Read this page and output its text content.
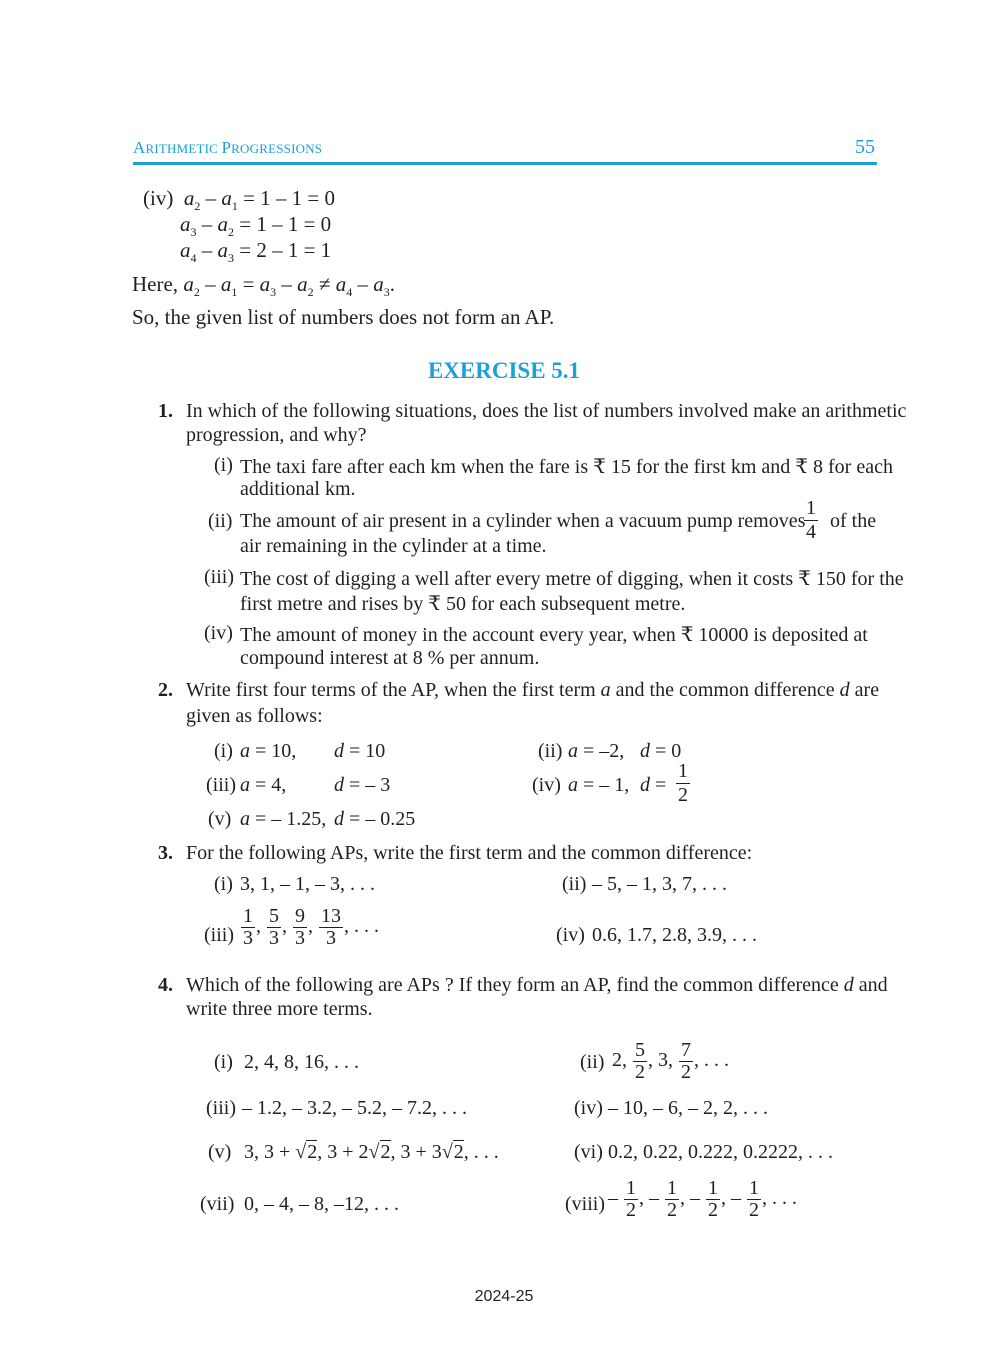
ARITHMETIC PROGRESSIONS	55
(iv) $a_2 - a_1 = 1 - 1 = 0$
$a_3 - a_2 = 1 - 1 = 0$
$a_4 - a_3 = 2 - 1 = 1$
Here, $a_2 - a_1 = a_3 - a_2 \ne a_4 - a_3$.
So, the given list of numbers does not form an AP.
EXERCISE 5.1
1. In which of the following situations, does the list of numbers involved make an arithmetic
progression, and why?
(i) The taxi fare after each km when the fare is ₹ 15 for the first km and ₹ 8 for each
additional km.
(ii) The amount of air present in a cylinder when a vacuum pump removes
1
4 of the
air remaining in the cylinder at a time.
(iii) The cost of digging a well after every metre of digging, when it costs ₹ 150 for the
first metre and rises by ₹ 50 for each subsequent metre.
(iv) The amount of money in the account every year, when ₹ 10000 is deposited at
compound interest at 8 % per annum.
2. Write first four terms of the AP, when the first term a and the common difference d are
given as follows:
(i) a = 10, d = 10	(ii) a = –2, d = 0
(iii) a = 4, d = – 3	(iv) a = – 1, d =
1
2
(v) a = – 1.25, d = – 0.25
3. For the following APs, write the first term and the common difference:
(i) 3, 1, – 1, – 3, . . .	(ii) – 5, – 1, 3, 7, . . .
$(iii) \frac{1}{3}$ , $\frac{5}{3}$ , $\frac{9}{3}$ , $\frac{13}{3}$ , . . .	(iv) 0.6, 1.7, 2.8, 3.9, . . .
4. Which of the following are APs ? If they form an AP, find the common difference d and
write three more terms.
(i) 2, 4, 8, 16, . . .	(ii) 2, $\frac{5}{2}$ , 3, $\frac{7}{2}$ , . . .
(iii) – 1.2, – 3.2, – 5.2, – 7.2, . . .	(iv) – 10, – 6, – 2, 2, . . .
(v) 3, 3 + √2, 3 + 2√2, 3 + 3√2, . . .	(vi) 0.2, 0.22, 0.222, 0.2222, . . .
(vii) 0, – 4, – 8, –12, . . .	(viii) – $\frac{1}{2}$ , – $\frac{1}{2}$ , – $\frac{1}{2}$ , – $\frac{1}{2}$ , . . .
2024-25
